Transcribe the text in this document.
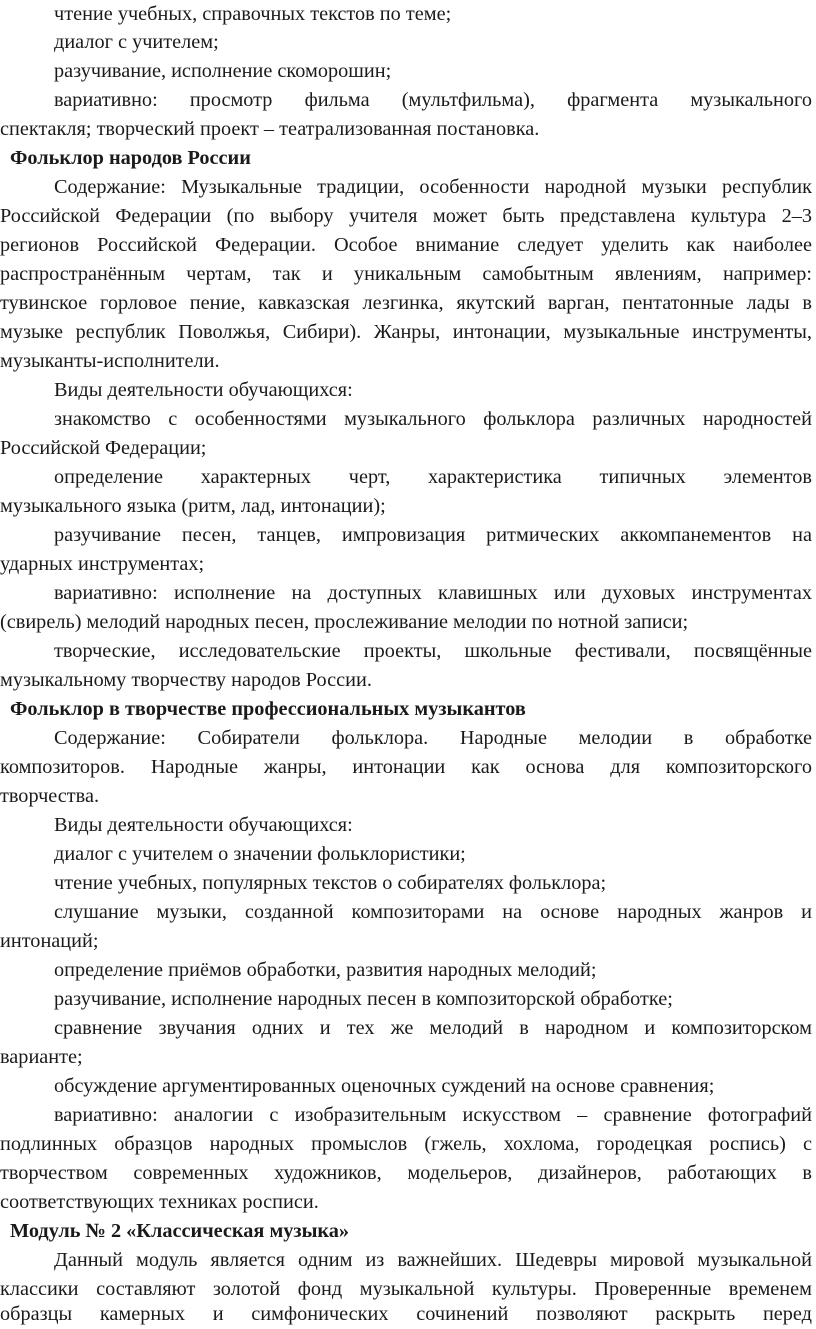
чтение учебных, справочных текстов по теме;
диалог с учителем;
разучивание, исполнение скоморошин;
вариативно: просмотр фильма (мультфильма), фрагмента музыкального
спектакля; творческий проект – театрализованная постановка.
Фольклор народов России
Содержание: Музыкальные традиции, особенности народной музыки республик
Российской Федерации (по выбору учителя может быть представлена культура 2–3
регионов Российской Федерации. Особое внимание следует уделить как наиболее
распространённым чертам, так и уникальным самобытным явлениям, например:
тувинское горловое пение, кавказская лезгинка, якутский варган, пентатонные лады в
музыке республик Поволжья, Сибири). Жанры, интонации, музыкальные инструменты,
музыканты-исполнители.
Виды деятельности обучающихся:
знакомство с особенностями музыкального фольклора различных народностей
Российской Федерации;
определение характерных черт, характеристика типичных элементов
музыкального языка (ритм, лад, интонации);
разучивание песен, танцев, импровизация ритмических аккомпанементов на
ударных инструментах;
вариативно: исполнение на доступных клавишных или духовых инструментах
(свирель) мелодий народных песен, прослеживание мелодии по нотной записи;
творческие, исследовательские проекты, школьные фестивали, посвящённые
музыкальному творчеству народов России.
Фольклор в творчестве профессиональных музыкантов
Содержание: Собиратели фольклора. Народные мелодии в обработке
композиторов. Народные жанры, интонации как основа для композиторского
творчества.
Виды деятельности обучающихся:
диалог с учителем о значении фольклористики;
чтение учебных, популярных текстов о собирателях фольклора;
слушание музыки, созданной композиторами на основе народных жанров и
интонаций;
определение приёмов обработки, развития народных мелодий;
разучивание, исполнение народных песен в композиторской обработке;
сравнение звучания одних и тех же мелодий в народном и композиторском
варианте;
обсуждение аргументированных оценочных суждений на основе сравнения;
вариативно: аналогии с изобразительным искусством – сравнение фотографий
подлинных образцов народных промыслов (гжель, хохлома, городецкая роспись) с
творчеством современных художников, модельеров, дизайнеров, работающих в
соответствующих техниках росписи.
Модуль № 2 «Классическая музыка»
Данный модуль является одним из важнейших. Шедевры мировой музыкальной
классики составляют золотой фонд музыкальной культуры. Проверенные временем
образцы камерных и симфонических сочинений позволяют раскрыть перед
